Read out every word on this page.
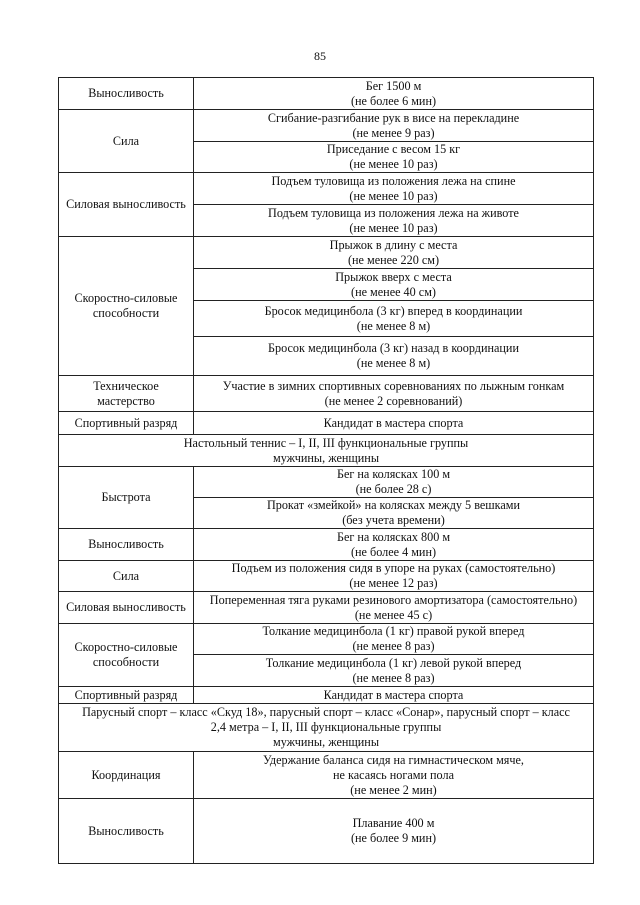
85
Выносливость	Бег 1500 м
(не более 6 мин)

Сила	Сгибание-разгибание рук в висе на перекладине
(не менее 9 раз)

	Приседание с весом 15 кг
(не менее 10 раз)

Силовая выносливость	Подъем туловища из положения лежа на спине
(не менее 10 раз)

	Подъем туловища из положения лежа на животе
(не менее 10 раз)

Скоростно-силовые
способности	Прыжок в длину с места
(не менее 220 см)

	Прыжок вверх с места
(не менее 40 см)

	Бросок медицинбола (3 кг) вперед в координации
(не менее 8 м)

	Бросок медицинбола (3 кг) назад в координации
(не менее 8 м)

Техническое
мастерство	Участие в зимних спортивных соревнованиях по лыжным гонкам
(не менее 2 соревнований)

Спортивный разряд	Кандидат в мастера спорта

Настольный теннис – I, II, III функциональные группы
мужчины, женщины	

Быстрота	Бег на колясках 100 м
(не более 28 с)

	Прокат «змейкой» на колясках между 5 вешками
(без учета времени)

Выносливость	Бег на колясках 800 м
(не более 4 мин)

Сила	Подъем из положения сидя в упоре на руках (самостоятельно)
(не менее 12 раз)

Силовая выносливость	Попеременная тяга руками резинового амортизатора (самостоятельно)
(не менее 45 с)

Скоростно-силовые
способности	Толкание медицинбола (1 кг) правой рукой вперед
(не менее 8 раз)

	Толкание медицинбола (1 кг) левой рукой вперед
(не менее 8 раз)

Спортивный разряд	Кандидат в мастера спорта

Парусный спорт – класс «Скуд 18», парусный спорт – класс «Сонар», парусный спорт – класс
2,4 метра – I, II, III функциональные группы
мужчины, женщины	

Координация	Удержание баланса сидя на гимнастическом мяче,
не касаясь ногами пола
(не менее 2 мин)

Выносливость	Плавание 400 м
(не более 9 мин)
